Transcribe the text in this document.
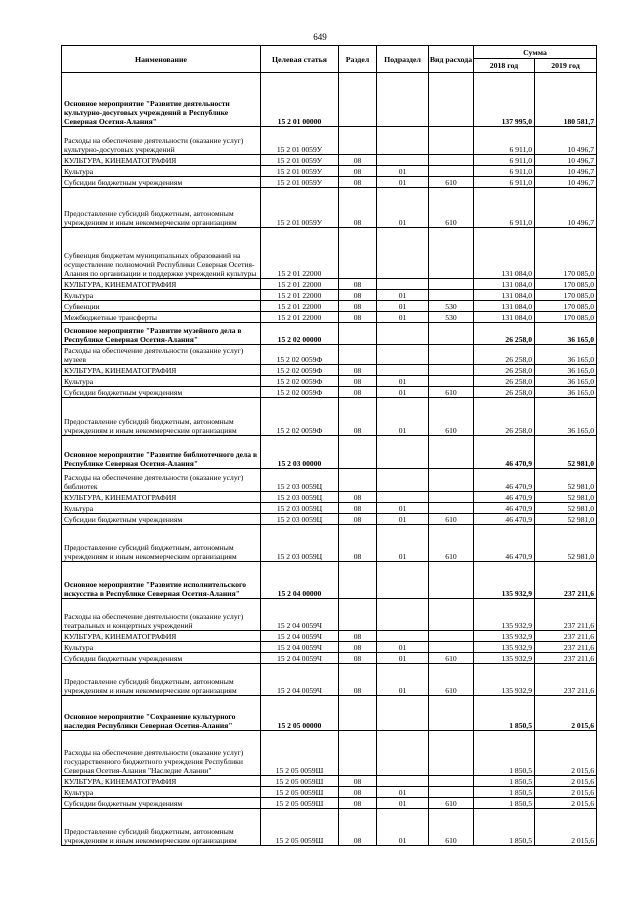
649
Наименование	Целевая статья	Раздел	Подраздел	Вид расхода	Сумма	
					2018 год	2019 год
Основное мероприятие "Развитие деятельности культурно-досуговых учреждений в Республике Северная Осетия-Алания"	15 2 01 00000				137 995,0	180 581,7
Расходы на обеспечение деятельности (оказание услуг) культурно-досуговых учреждений	15 2 01 0059У				6 911,0	10 496,7
КУЛЬТУРА, КИНЕМАТОГРАФИЯ	15 2 01 0059У	08			6 911,0	10 496,7
Культура	15 2 01 0059У	08	01		6 911,0	10 496,7
Субсидии бюджетным учреждениям	15 2 01 0059У	08	01	610	6 911,0	10 496,7
Предоставление субсидий бюджетным, автономным учреждениям и иным некоммерческим организациям	15 2 01 0059У	08	01	610	6 911,0	10 496,7
Субвенция бюджетам муниципальных образований на осуществление полномочий Республики Северная Осетия-Алания по организации и поддержке учреждений культуры	15 2 01 22000				131 084,0	170 085,0
КУЛЬТУРА, КИНЕМАТОГРАФИЯ	15 2 01 22000	08			131 084,0	170 085,0
Культура	15 2 01 22000	08	01		131 084,0	170 085,0
Субвенции	15 2 01 22000	08	01	530	131 084,0	170 085,0
Межбюджетные трансферты	15 2 01 22000	08	01	530	131 084,0	170 085,0
Основное мероприятие "Развитие музейного дела в Республике Северная Осетия-Алания"	15 2 02 00000				26 258,0	36 165,0
Расходы на обеспечение деятельности (оказание услуг) музеев	15 2 02 0059Ф				26 258,0	36 165,0
КУЛЬТУРА, КИНЕМАТОГРАФИЯ	15 2 02 0059Ф	08			26 258,0	36 165,0
Культура	15 2 02 0059Ф	08	01		26 258,0	36 165,0
Субсидии бюджетным учреждениям	15 2 02 0059Ф	08	01	610	26 258,0	36 165,0
Предоставление субсидий бюджетным, автономным учреждениям и иным некоммерческим организациям	15 2 02 0059Ф	08	01	610	26 258,0	36 165,0
Основное мероприятие "Развитие библиотечного дела в Республике Северная Осетия-Алания"	15 2 03 00000				46 470,9	52 981,0
Расходы на обеспечение деятельности (оказание услуг) библиотек	15 2 03 0059Ц				46 470,9	52 981,0
КУЛЬТУРА, КИНЕМАТОГРАФИЯ	15 2 03 0059Ц	08			46 470,9	52 981,0
Культура	15 2 03 0059Ц	08	01		46 470,9	52 981,0
Субсидии бюджетным учреждениям	15 2 03 0059Ц	08	01	610	46 470,9	52 981,0
Предоставление субсидий бюджетным, автономным учреждениям и иным некоммерческим организациям	15 2 03 0059Ц	08	01	610	46 470,9	52 981,0
Основное мероприятие "Развитие исполнительского искусства в Республике Северная Осетия-Алания"	15 2 04 00000				135 932,9	237 211,6
Расходы на обеспечение деятельности (оказание услуг) театральных и концертных учреждений	15 2 04 0059Ч				135 932,9	237 211,6
КУЛЬТУРА, КИНЕМАТОГРАФИЯ	15 2 04 0059Ч	08			135 932,9	237 211,6
Культура	15 2 04 0059Ч	08	01		135 932,9	237 211,6
Субсидии бюджетным учреждениям	15 2 04 0059Ч	08	01	610	135 932,9	237 211,6
Предоставление субсидий бюджетным, автономным учреждениям и иным некоммерческим организациям	15 2 04 0059Ч	08	01	610	135 932,9	237 211,6
Основное мероприятие "Сохранение культурного наследия Республики Северная Осетия-Алания"	15 2 05 00000				1 850,5	2 015,6
Расходы на обеспечение деятельности (оказание услуг) государственного бюджетного учреждения Республики Северная Осетия-Алания "Наследие Алании"	15 2 05 0059Ш				1 850,5	2 015,6
КУЛЬТУРА, КИНЕМАТОГРАФИЯ	15 2 05 0059Ш	08			1 850,5	2 015,6
Культура	15 2 05 0059Ш	08	01		1 850,5	2 015,6
Субсидии бюджетным учреждениям	15 2 05 0059Ш	08	01	610	1 850,5	2 015,6
Предоставление субсидий бюджетным, автономным учреждениям и иным некоммерческим организациям	15 2 05 0059Ш	08	01	610	1 850,5	2 015,6
